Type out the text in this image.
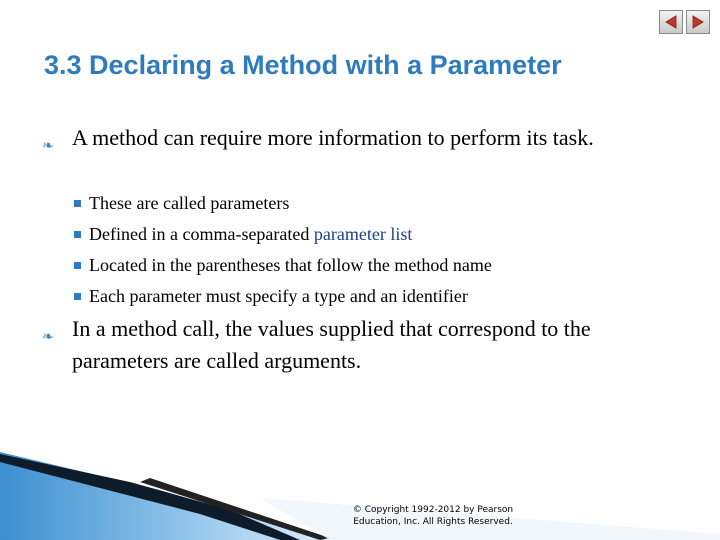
3.3 Declaring a Method with a Parameter
❧ A method can require more information to perform its task.
These are called parameters
Defined in a comma-separated parameter list
Located in the parentheses that follow the method name
Each parameter must specify a type and an identifier
❧ In a method call, the values supplied that correspond to the parameters are called arguments.
© Copyright 1992-2012 by Pearson
Education, Inc. All Rights Reserved.
